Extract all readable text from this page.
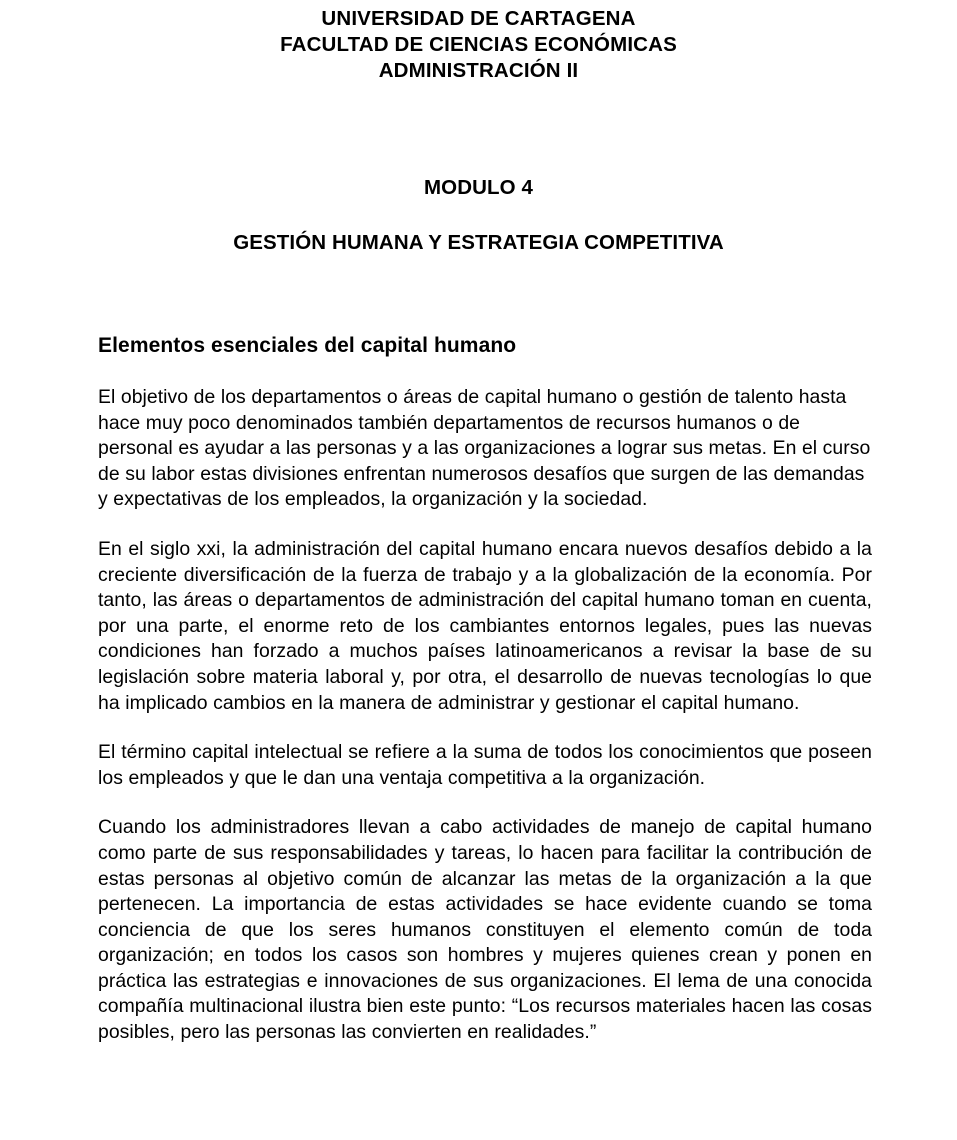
UNIVERSIDAD DE CARTAGENA
FACULTAD DE CIENCIAS ECONÓMICAS
ADMINISTRACIÓN II
MODULO 4
GESTIÓN HUMANA Y ESTRATEGIA COMPETITIVA
Elementos esenciales del capital humano

El objetivo de los departamentos o áreas de capital humano o gestión de talento hasta hace muy poco denominados también departamentos de recursos humanos o de personal es ayudar a las personas y a las organizaciones a lograr sus metas. En el curso de su labor estas divisiones enfrentan numerosos desafíos que surgen de las demandas y expectativas de los empleados, la organización y la sociedad.

En el siglo xxi, la administración del capital humano encara nuevos desafíos debido a la creciente diversificación de la fuerza de trabajo y a la globalización de la economía. Por tanto, las áreas o departamentos de administración del capital humano toman en cuenta, por una parte, el enorme reto de los cambiantes entornos legales, pues las nuevas condiciones han forzado a muchos países latinoamericanos a revisar la base de su legislación sobre materia laboral y, por otra, el desarrollo de nuevas tecnologías lo que ha implicado cambios en la manera de administrar y gestionar el capital humano.

El término capital intelectual se refiere a la suma de todos los conocimientos que poseen los empleados y que le dan una ventaja competitiva a la organización.

Cuando los administradores llevan a cabo actividades de manejo de capital humano como parte de sus responsabilidades y tareas, lo hacen para facilitar la contribución de estas personas al objetivo común de alcanzar las metas de la organización a la que pertenecen. La importancia de estas actividades se hace evidente cuando se toma conciencia de que los seres humanos constituyen el elemento común de toda organización; en todos los casos son hombres y mujeres quienes crean y ponen en práctica las estrategias e innovaciones de sus organizaciones. El lema de una conocida compañía multinacional ilustra bien este punto: “Los recursos materiales hacen las cosas posibles, pero las personas las convierten en realidades.”
